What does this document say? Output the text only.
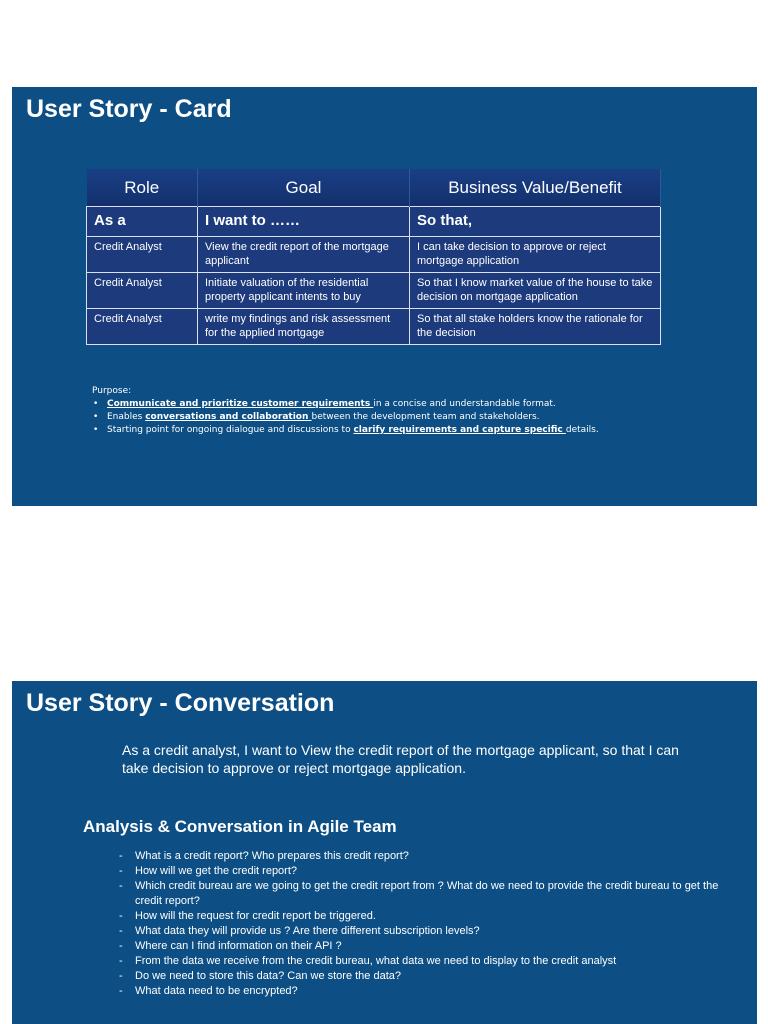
User Story - Card
Role	Goal	Business Value/Benefit
As a	I want to ……	So that,
Credit Analyst	View the credit report of the mortgage applicant	I can take decision to approve or reject mortgage application
Credit Analyst	Initiate valuation of the residential property applicant intents to buy	So that I know market value of the house to take decision on mortgage application
Credit Analyst	write my findings and risk assessment for the applied mortgage	So that all stake holders know the rationale for the decision
Purpose:
• Communicate and prioritize customer requirements in a concise and understandable format.
• Enables conversations and collaboration between the development team and stakeholders.
• Starting point for ongoing dialogue and discussions to clarify requirements and capture specific details.
User Story - Conversation

As a credit analyst, I want to View the credit report of the mortgage applicant, so that I can take decision to approve or reject mortgage application.

Analysis & Conversation in Agile Team
- What is a credit report? Who prepares this credit report?
- How will we get the credit report?
- Which credit bureau are we going to get the credit report from ? What do we need to provide the credit bureau to get the credit report?
- How will the request for credit report be triggered.
- What data they will provide us ? Are there different subscription levels?
- Where can I find information on their API ?
- From the data we receive from the credit bureau, what data we need to display to the credit analyst
- Do we need to store this data? Can we store the data?
- What data need to be encrypted?
